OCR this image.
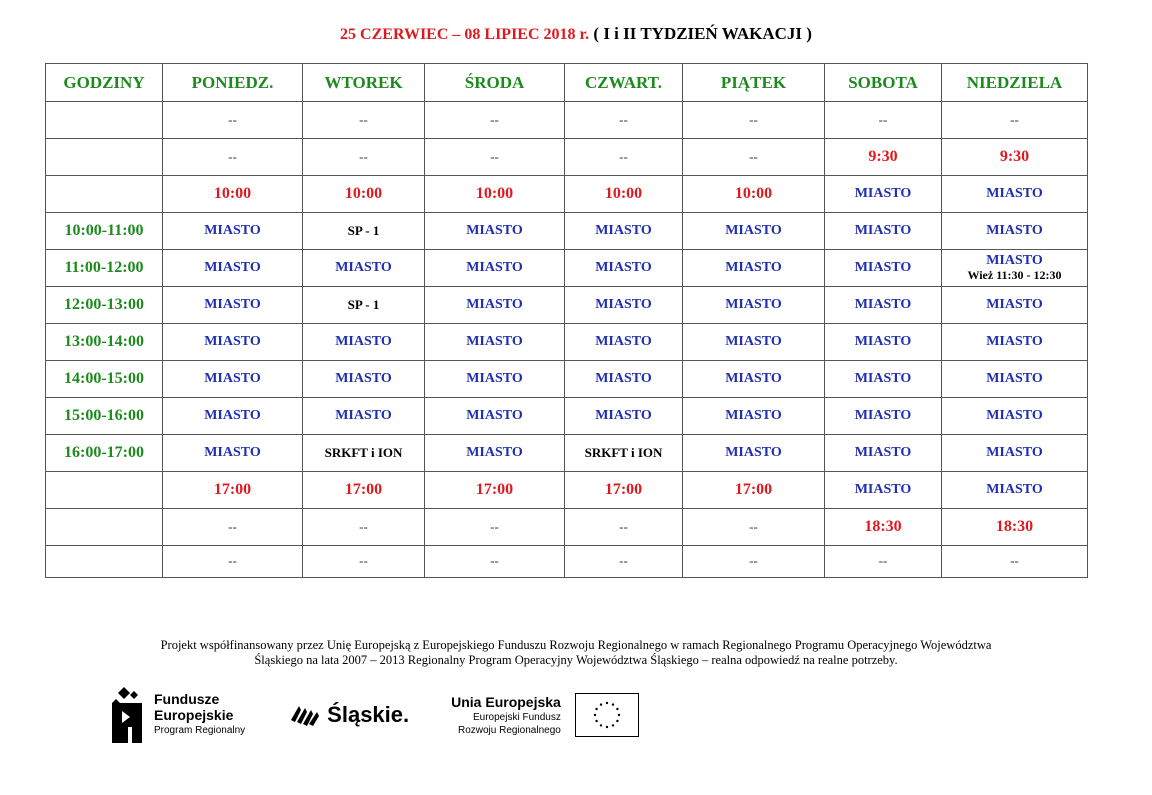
25 CZERWIEC – 08 LIPIEC 2018 r. ( I i II TYDZIEŃ WAKACJI )
GODZINY	PONIEDZ.	WTOREK	ŚRODA	CZWART.	PIĄTEK	SOBOTA	NIEDZIELA
	--	--	--	--	--	--	--
	--	--	--	--	--	9:30	9:30
	10:00	10:00	10:00	10:00	10:00	MIASTO	MIASTO
10:00-11:00	MIASTO	SP - 1	MIASTO	MIASTO	MIASTO	MIASTO	MIASTO
11:00-12:00	MIASTO	MIASTO	MIASTO	MIASTO	MIASTO	MIASTO	MIASTO
Wież 11:30 - 12:30

12:00-13:00	MIASTO	SP - 1	MIASTO	MIASTO	MIASTO	MIASTO	MIASTO
13:00-14:00	MIASTO	MIASTO	MIASTO	MIASTO	MIASTO	MIASTO	MIASTO
14:00-15:00	MIASTO	MIASTO	MIASTO	MIASTO	MIASTO	MIASTO	MIASTO
15:00-16:00	MIASTO	MIASTO	MIASTO	MIASTO	MIASTO	MIASTO	MIASTO
16:00-17:00	MIASTO	SRKFT i ION	MIASTO	SRKFT i ION	MIASTO	MIASTO	MIASTO
	17:00	17:00	17:00	17:00	17:00	MIASTO	MIASTO
	--	--	--	--	--	18:30	18:30
	--	--	--	--	--	--	--
Projekt współfinansowany przez Unię Europejską z Europejskiego Funduszu Rozwoju Regionalnego w ramach Regionalnego Programu Operacyjnego Województwa
Śląskiego na lata 2007 – 2013 Regionalny Program Operacyjny Województwa Śląskiego – realna odpowiedź na realne potrzeby.
Fundusze
Europejskie
Program Regionalny
Śląskie.	Unia Europejska
Europejski Fundusz
Rozwoju Regionalnego
